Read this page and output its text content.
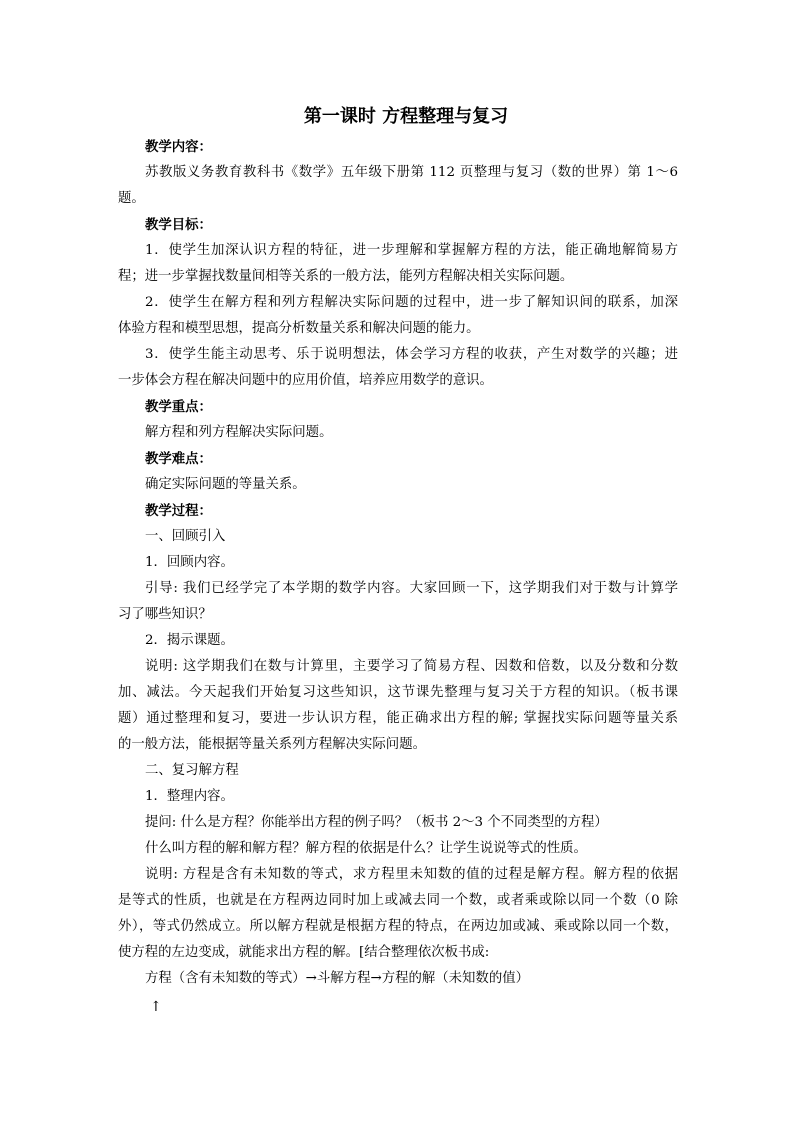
第一课时 方程整理与复习
教学内容：
苏教版义务教育教科书《数学》五年级下册第 112 页整理与复习（数的世界）第 1～6
题。
教学目标：
1．使学生加深认识方程的特征，进一步理解和掌握解方程的方法，能正确地解简易方
程；进一步掌握找数量间相等关系的一般方法，能列方程解决相关实际问题。
2．使学生在解方程和列方程解决实际问题的过程中，进一步了解知识间的联系，加深
体验方程和模型思想，提高分析数量关系和解决问题的能力。
3．使学生能主动思考、乐于说明想法，体会学习方程的收获，产生对数学的兴趣；进
一步体会方程在解决问题中的应用价值，培养应用数学的意识。
教学重点：
解方程和列方程解决实际问题。
教学难点：
确定实际问题的等量关系。
教学过程：
一、回顾引入
1．回顾内容。
引导: 我们已经学完了本学期的数学内容。大家回顾一下，这学期我们对于数与计算学
习了哪些知识？
2．揭示课题。
说明: 这学期我们在数与计算里，主要学习了简易方程、因数和倍数，以及分数和分数
加、减法。今天起我们开始复习这些知识，这节课先整理与复习关于方程的知识。（板书课
题）通过整理和复习，要进一步认识方程，能正确求出方程的解; 掌握找实际问题等量关系
的一般方法，能根据等量关系列方程解决实际问题。
二、复习解方程
1．整理内容。
提问: 什么是方程？你能举出方程的例子吗？（板书 2～3 个不同类型的方程）
什么叫方程的解和解方程？解方程的依据是什么？让学生说说等式的性质。
说明: 方程是含有未知数的等式，求方程里未知数的值的过程是解方程。解方程的依据
是等式的性质，也就是在方程两边同时加上或减去同一个数，或者乘或除以同一个数（0 除
外），等式仍然成立。所以解方程就是根据方程的特点，在两边加或减、乘或除以同一个数，
使方程的左边变成，就能求出方程的解。[结合整理依次板书成:
方程（含有未知数的等式）→斗解方程→方程的解（未知数的值）
↑
